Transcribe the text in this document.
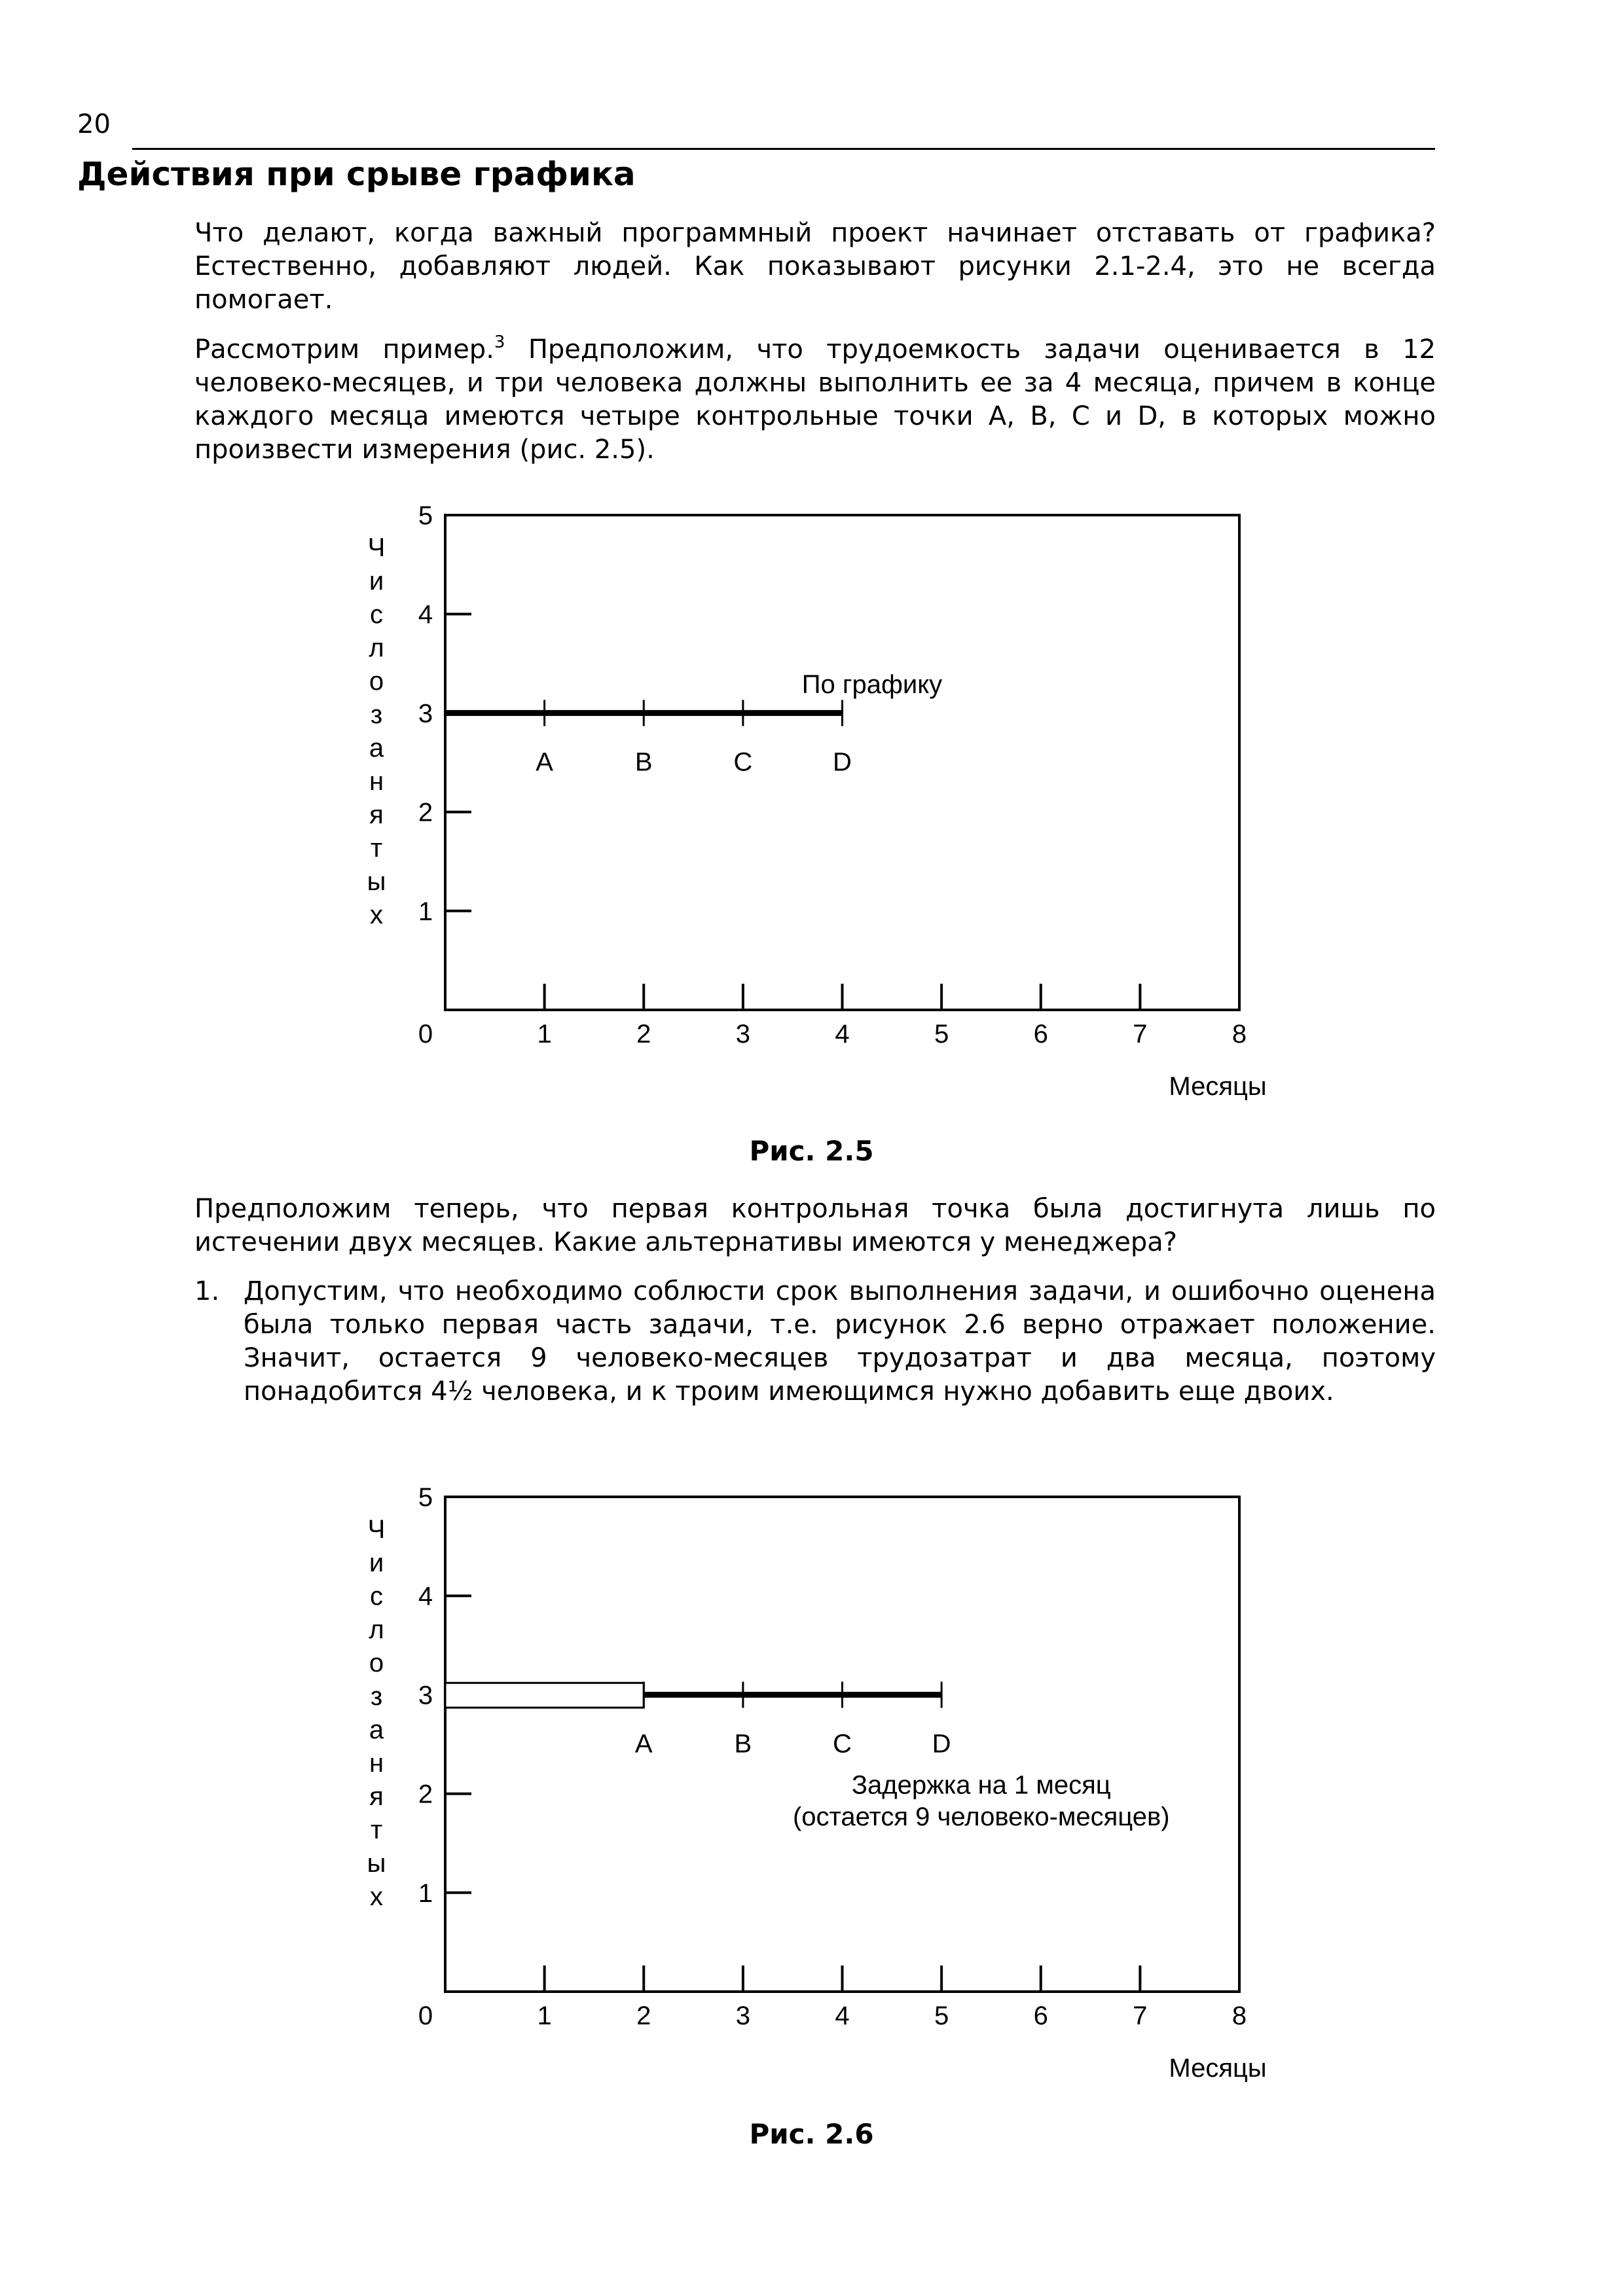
20
Действия при срыве графика

Что делают, когда важный программный проект начинает отставать от графика? Естественно, добавляют людей. Как показывают рисунки 2.1-2.4, это не всегда помогает.

Рассмотрим пример.$^3$ Предположим, что трудоемкость задачи оценивается в 12 человеко-месяцев, и три человека должны выполнить ее за 4 месяца, причем в конце каждого месяца имеются четыре контрольные точки A, B, C и D, в которых можно произвести измерения (рис. 2.5).

1
2
3
4
5
0	1	2	3	4	5	6	7	8
Месяцы
Ч
и
с
л
о
з
а
н
я
т
ы
х
A	B	C	D
По графику
Рис. 2.5

Предположим теперь, что первая контрольная точка была достигнута лишь по истечении двух месяцев. Какие альтернативы имеются у менеджера?

1. Допустим, что необходимо соблюсти срок выполнения задачи, и ошибочно оценена была только первая часть задачи, т.е. рисунок 2.6 верно отражает положение. Значит, остается 9 человеко-месяцев трудозатрат и два месяца, поэтому понадобится 4½ человека, и к троим имеющимся нужно добавить еще двоих.
1
2
3
4
5
0	1	2	3	4	5	6	7	8
Месяцы
Ч
и
с
л
о
з
а
н
я
т
ы
х
A	B	C	D
Задержка на 1 месяц
(остается 9 человеко-месяцев)
Рис. 2.6
